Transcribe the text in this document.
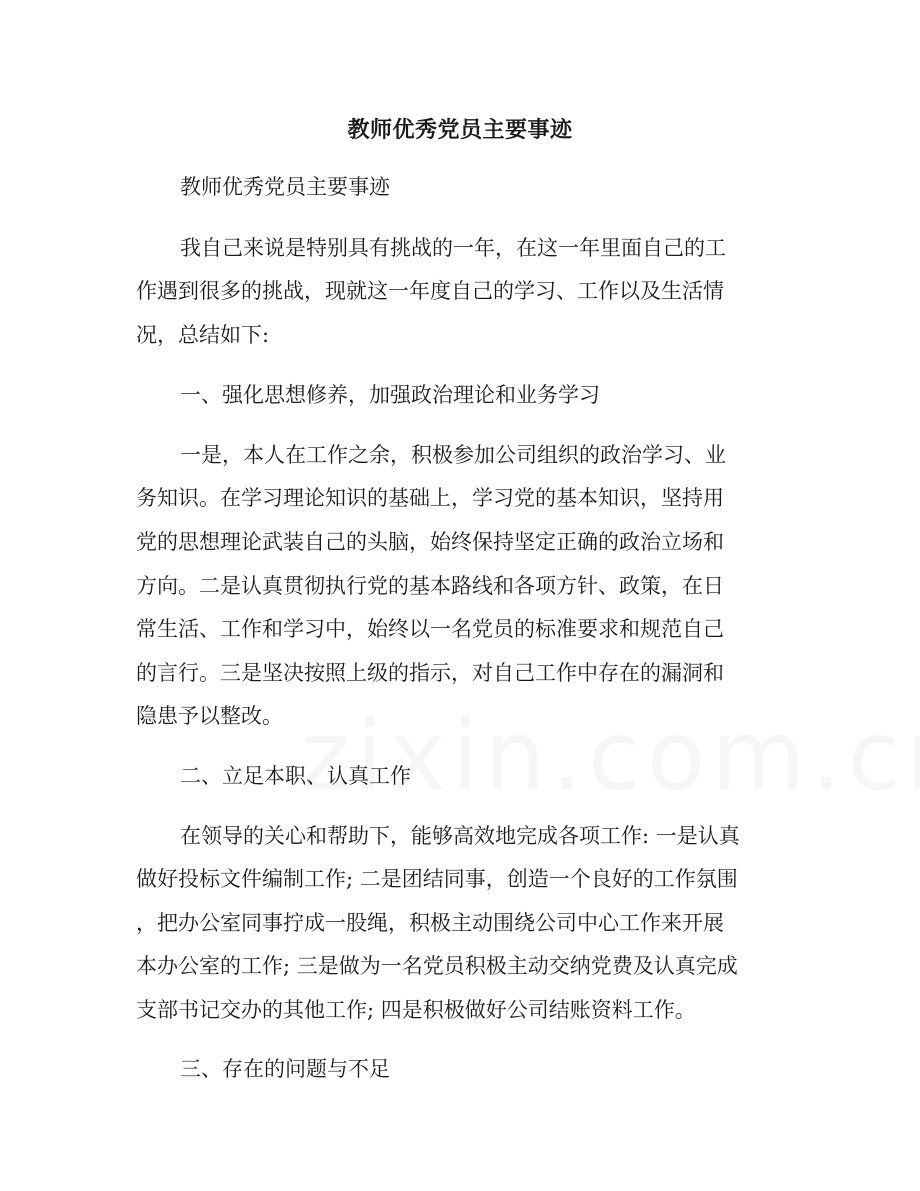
教师优秀党员主要事迹
教师优秀党员主要事迹
我自己来说是特别具有挑战的一年，在这一年里面自己的工
作遇到很多的挑战，现就这一年度自己的学习、工作以及生活情
况，总结如下:
一、强化思想修养，加强政治理论和业务学习
一是，本人在工作之余，积极参加公司组织的政治学习、业
务知识。在学习理论知识的基础上，学习党的基本知识，坚持用
党的思想理论武装自己的头脑，始终保持坚定正确的政治立场和
方向。二是认真贯彻执行党的基本路线和各项方针、政策，在日
常生活、工作和学习中，始终以一名党员的标准要求和规范自己
的言行。三是坚决按照上级的指示，对自己工作中存在的漏洞和
隐患予以整改。
二、立足本职、认真工作
在领导的关心和帮助下，能够高效地完成各项工作: 一是认真
做好投标文件编制工作; 二是团结同事，创造一个良好的工作氛围
，把办公室同事拧成一股绳，积极主动围绕公司中心工作来开展
本办公室的工作; 三是做为一名党员积极主动交纳党费及认真完成
支部书记交办的其他工作; 四是积极做好公司结账资料工作。
三、存在的问题与不足
